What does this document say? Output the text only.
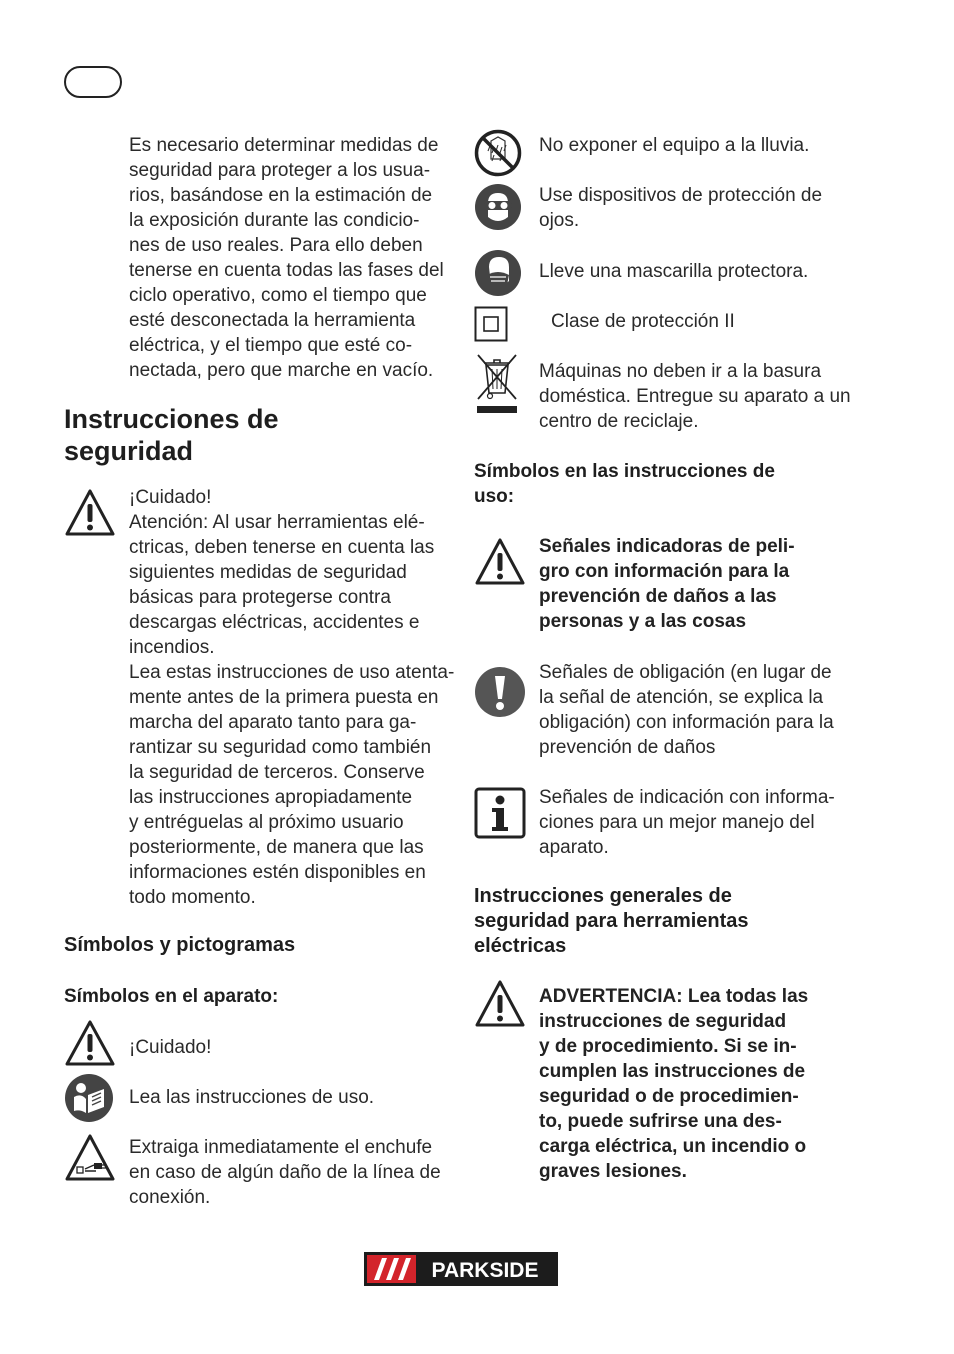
Es necesario determinar medidas de
seguridad para proteger a los usua-
rios, basándose en la estimación de
la exposición durante las condicio-
nes de uso reales. Para ello deben
tenerse en cuenta todas las fases del
ciclo operativo, como el tiempo que
esté desconectada la herramienta
eléctrica, y el tiempo que esté co-
nectada, pero que marche en vacío.
Instrucciones de
seguridad
¡Cuidado!
Atención: Al usar herramientas elé-
ctricas, deben tenerse en cuenta las
siguientes medidas de seguridad
básicas para protegerse contra
descargas eléctricas, accidentes e
incendios.
Lea estas instrucciones de uso atenta-
mente antes de la primera puesta en
marcha del aparato tanto para ga-
rantizar su seguridad como también
la seguridad de terceros. Conserve
las instrucciones apropiadamente
y entréguelas al próximo usuario
posteriormente, de manera que las
informaciones estén disponibles en
todo momento.
Símbolos y pictogramas
Símbolos en el aparato:
¡Cuidado!
Lea las instrucciones de uso.
Extraiga inmediatamente el enchufe
en caso de algún daño de la línea de
conexión.
No exponer el equipo a la lluvia.
Use dispositivos de protección de
ojos.
Lleve una mascarilla protectora.
Clase de protección II
Máquinas no deben ir a la basura
doméstica. Entregue su aparato a un
centro de reciclaje.
Símbolos en las instrucciones de
uso:
Señales indicadoras de peli-
gro con información para la
prevención de daños a las
personas y a las cosas
Señales de obligación (en lugar de
la señal de atención, se explica la
obligación) con información para la
prevención de daños
Señales de indicación con informa-
ciones para un mejor manejo del
aparato.
Instrucciones generales de
seguridad para herramientas
eléctricas
ADVERTENCIA: Lea todas las
instrucciones de seguridad
y de procedimiento. Si se in-
cumplen las instrucciones de
seguridad o de procedimien-
to, puede sufrirse una des-
carga eléctrica, un incendio o
graves lesiones.
PARKSIDE
